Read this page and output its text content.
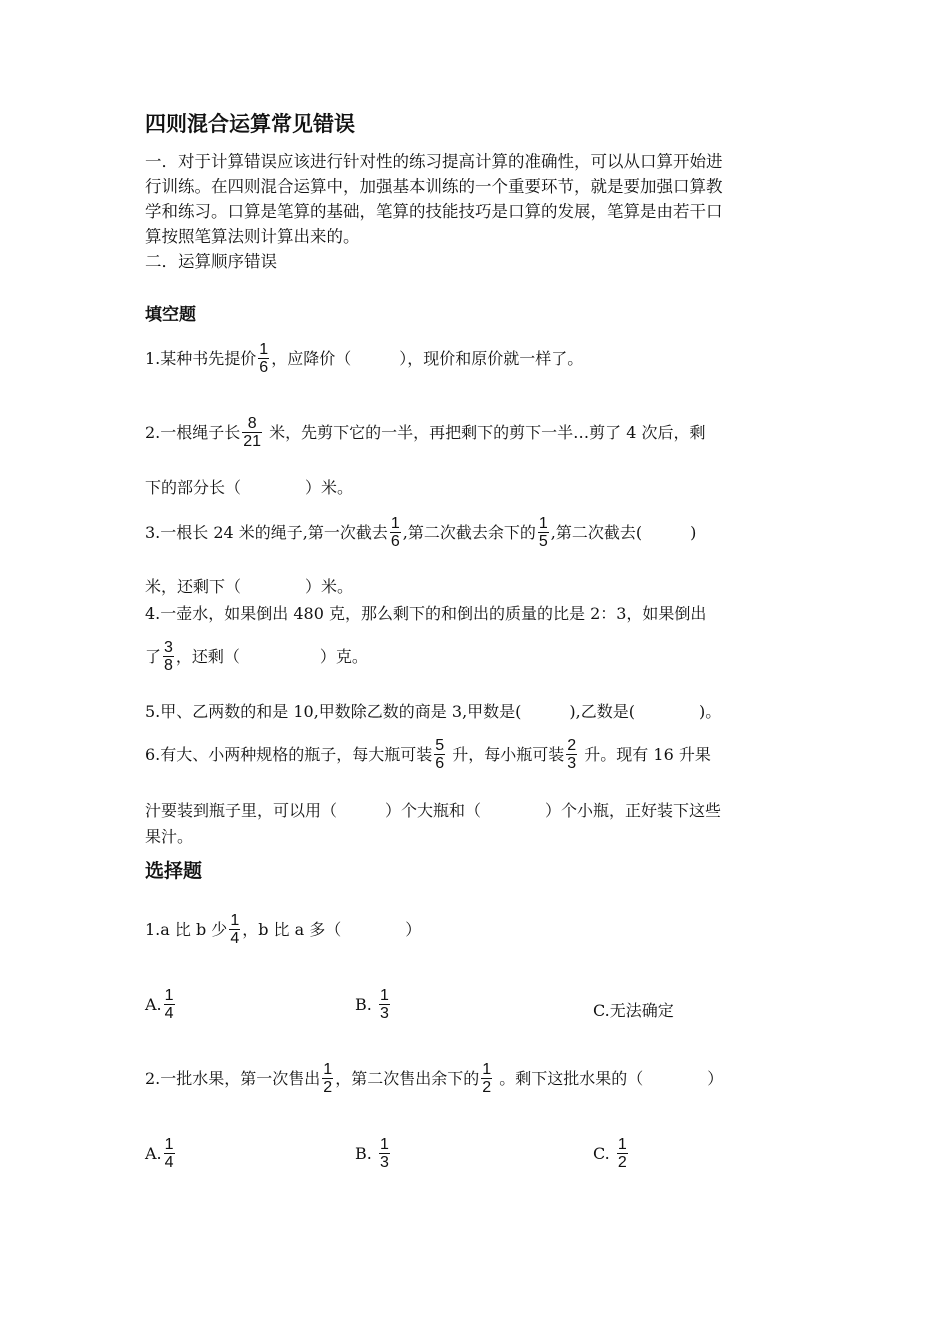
四则混合运算常见错误
一．对于计算错误应该进行针对性的练习提高计算的准确性，可以从口算开始进
行训练。在四则混合运算中，加强基本训练的一个重要环节，就是要加强口算教
学和练习。口算是笔算的基础，笔算的技能技巧是口算的发展，笔算是由若干口
算按照笔算法则计算出来的。
二．运算顺序错误
填空题
1.某种书先提价 $\frac{1}{6}$ ，应降价（　　　），现价和原价就一样了。
2.一根绳子长 $\frac{8}{21}$ 米，先剪下它的一半，再把剩下的剪下一半…剪了 4 次后，剩
下的部分长（　　　　）米。
3.一根长 24 米的绳子,第一次截去 $\frac{1}{6}$ ,第二次截去余下的 $\frac{1}{5}$ ,第二次截去(　　　)
米，还剩下（　　　　）米。
4.一壶水，如果倒出 480 克，那么剩下的和倒出的质量的比是 2：3，如果倒出
了 $\frac{3}{8}$ ，还剩（　　　　　）克。
5.甲、乙两数的和是 10,甲数除乙数的商是 3,甲数是(　　　),乙数是(　　　　)。
6.有大、小两种规格的瓶子，每大瓶可装 $\frac{5}{6}$ 升，每小瓶可装 $\frac{2}{3}$ 升。现有 16 升果
汁要装到瓶子里，可以用（　　　）个大瓶和（　　　　）个小瓶，正好装下这些
果汁。
选择题
1.a 比 b 少 $\frac{1}{4}$ ，b 比 a 多（　　　　）
A. $\frac{1}{4}$	B. $\frac{1}{3}$	C.无法确定
2.一批水果，第一次售出 $\frac{1}{2}$ ，第二次售出余下的 $\frac{1}{2}$ 。剩下这批水果的（　　　　）
A. $\frac{1}{4}$	B. $\frac{1}{3}$	C. $\frac{1}{2}$
